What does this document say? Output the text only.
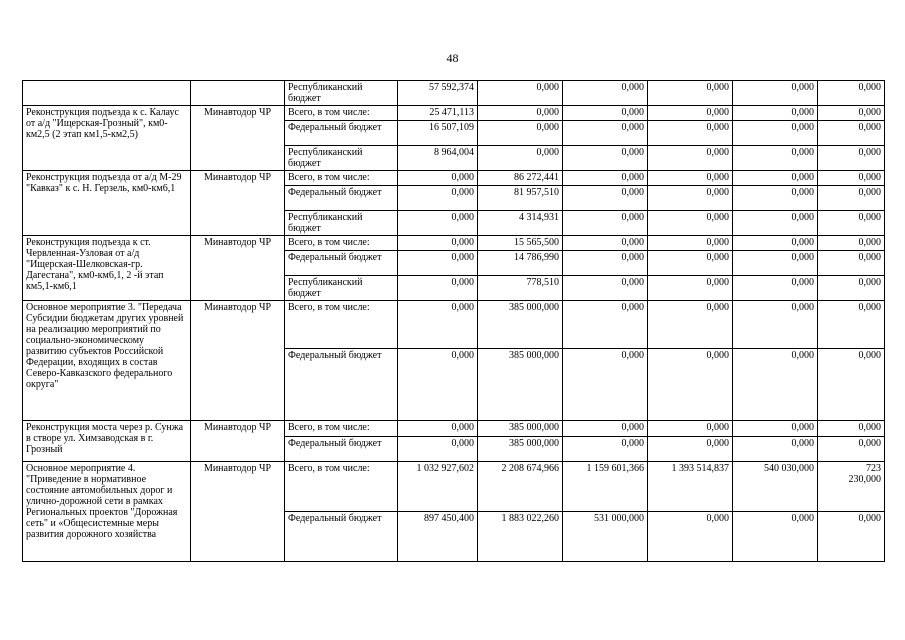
48
		Республиканский бюджет	57 592,374	0,000	0,000	0,000	0,000	0,000
Реконструкция подъезда к с. Калаус от а/д "Ищерская-Грозный", км0-км2,5 (2 этап км1,5-км2,5)	Минавтодор ЧР	Всего, в том числе:	25 471,113	0,000	0,000	0,000	0,000	0,000
		Федеральный бюджет	16 507,109	0,000	0,000	0,000	0,000	0,000
		Республиканский бюджет	8 964,004	0,000	0,000	0,000	0,000	0,000
Реконструкция подъезда от а/д М-29 "Кавказ" к с. Н. Герзель, км0-км6,1	Минавтодор ЧР	Всего, в том числе:	0,000	86 272,441	0,000	0,000	0,000	0,000
		Федеральный бюджет	0,000	81 957,510	0,000	0,000	0,000	0,000
		Республиканский бюджет	0,000	4 314,931	0,000	0,000	0,000	0,000
Реконструкция подъезда к ст. Червленная-Узловая от а/д "Ищерская-Шелковская-гр. Дагестана", км0-км6,1, 2 -й этап км5,1-км6,1	Минавтодор ЧР	Всего, в том числе:	0,000	15 565,500	0,000	0,000	0,000	0,000
		Федеральный бюджет	0,000	14 786,990	0,000	0,000	0,000	0,000
		Республиканский бюджет	0,000	778,510	0,000	0,000	0,000	0,000
Основное мероприятие 3. "Передача Субсидии бюджетам других уровней на реализацию мероприятий по социально-экономическому развитию субъектов Российской Федерации, входящих в состав Северо-Кавказского федерального округа"	Минавтодор ЧР	Всего, в том числе:	0,000	385 000,000	0,000	0,000	0,000	0,000
		Федеральный бюджет	0,000	385 000,000	0,000	0,000	0,000	0,000
Реконструкция моста через р. Сунжа в створе ул. Химзаводская в г. Грозный	Минавтодор ЧР	Всего, в том числе:	0,000	385 000,000	0,000	0,000	0,000	0,000
		Федеральный бюджет	0,000	385 000,000	0,000	0,000	0,000	0,000
Основное мероприятие 4. "Приведение в нормативное состояние автомобильных дорог и улично-дорожной сети в рамках Региональных проектов "Дорожная сеть" и «Общесистемные меры развития дорожного хозяйства	Минавтодор ЧР	Всего, в том числе:	1 032 927,602	2 208 674,966	1 159 601,366	1 393 514,837	540 030,000	723 230,000
		Федеральный бюджет	897 450,400	1 883 022,260	531 000,000	0,000	0,000	0,000
